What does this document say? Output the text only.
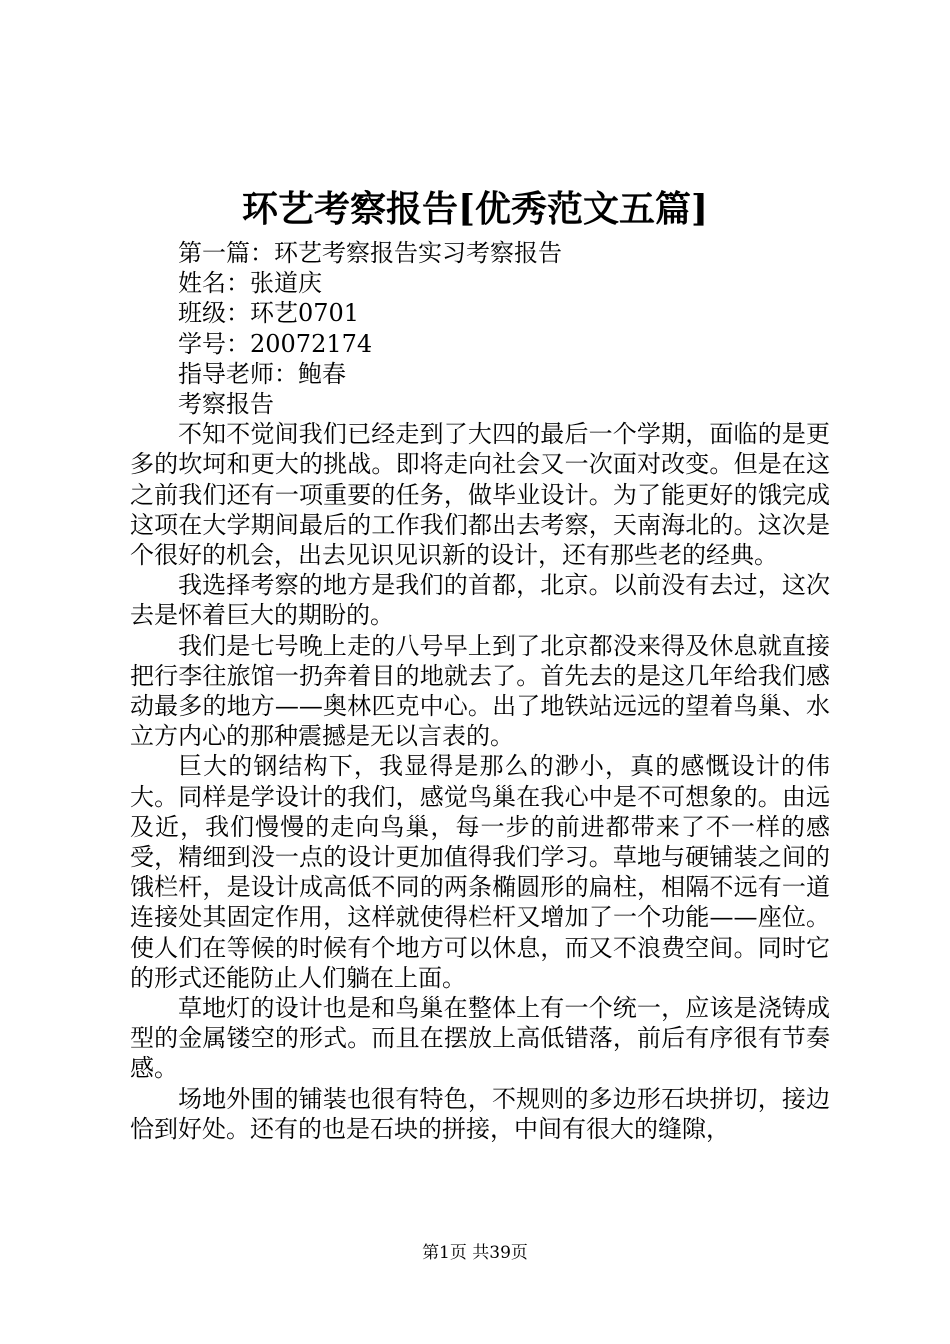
环艺考察报告[优秀范文五篇]

第一篇：环艺考察报告实习考察报告

姓名：张道庆

班级：环艺0701

学号：20072174

指导老师：鲍春

考察报告

不知不觉间我们已经走到了大四的最后一个学期，面临的是更多的坎坷和更大的挑战。即将走向社会又一次面对改变。但是在这之前我们还有一项重要的任务，做毕业设计。为了能更好的饿完成这项在大学期间最后的工作我们都出去考察，天南海北的。这次是个很好的机会，出去见识见识新的设计，还有那些老的经典。

我选择考察的地方是我们的首都，北京。以前没有去过，这次去是怀着巨大的期盼的。

我们是七号晚上走的八号早上到了北京都没来得及休息就直接把行李往旅馆一扔奔着目的地就去了。首先去的是这几年给我们感动最多的地方——奥林匹克中心。出了地铁站远远的望着鸟巢、水立方内心的那种震撼是无以言表的。

巨大的钢结构下，我显得是那么的渺小，真的感慨设计的伟大。同样是学设计的我们，感觉鸟巢在我心中是不可想象的。由远及近，我们慢慢的走向鸟巢，每一步的前进都带来了不一样的感受，精细到没一点的设计更加值得我们学习。草地与硬铺装之间的饿栏杆，是设计成高低不同的两条椭圆形的扁柱，相隔不远有一道连接处其固定作用，这样就使得栏杆又增加了一个功能——座位。使人们在等候的时候有个地方可以休息，而又不浪费空间。同时它的形式还能防止人们躺在上面。

草地灯的设计也是和鸟巢在整体上有一个统一，应该是浇铸成型的金属镂空的形式。而且在摆放上高低错落，前后有序很有节奏感。

场地外围的铺装也很有特色，不规则的多边形石块拼切，接边恰到好处。还有的也是石块的拼接，中间有很大的缝隙，

第1页 共39页
